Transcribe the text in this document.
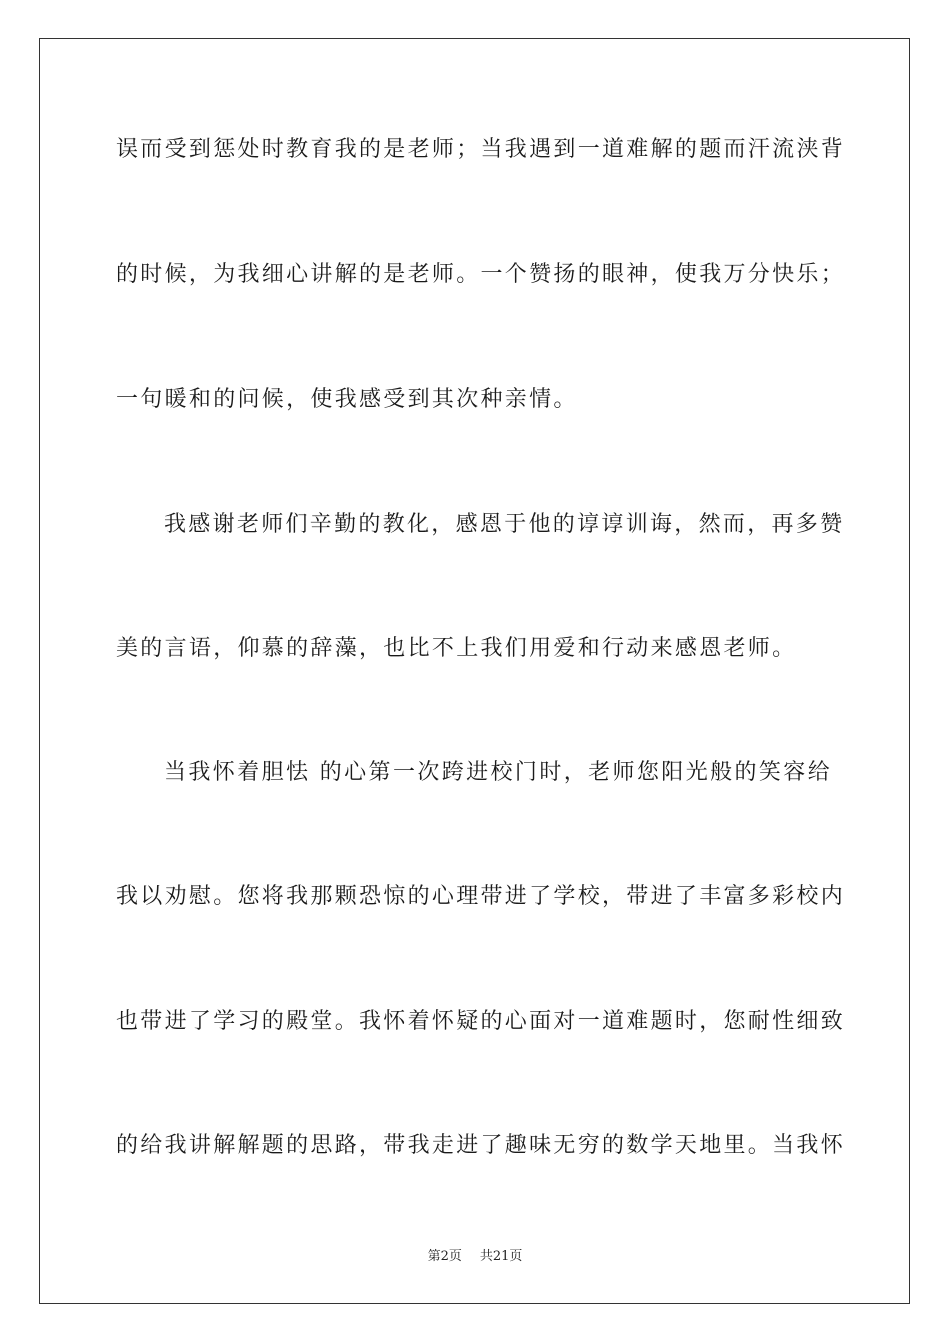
误而受到惩处时教育我的是老师；当我遇到一道难解的题而汗流浃背
的时候，为我细心讲解的是老师。一个赞扬的眼神，使我万分快乐；
一句暖和的问候，使我感受到其次种亲情。
我感谢老师们辛勤的教化，感恩于他的谆谆训诲，然而，再多赞
美的言语，仰慕的辞藻，也比不上我们用爱和行动来感恩老师。
当我怀着胆怯 的心第一次跨进校门时，老师您阳光般的笑容给
我以劝慰。您将我那颗恐惊的心理带进了学校，带进了丰富多彩校内
也带进了学习的殿堂。我怀着怀疑的心面对一道难题时，您耐性细致
的给我讲解解题的思路，带我走进了趣味无穷的数学天地里。当我怀
第2页 共21页
